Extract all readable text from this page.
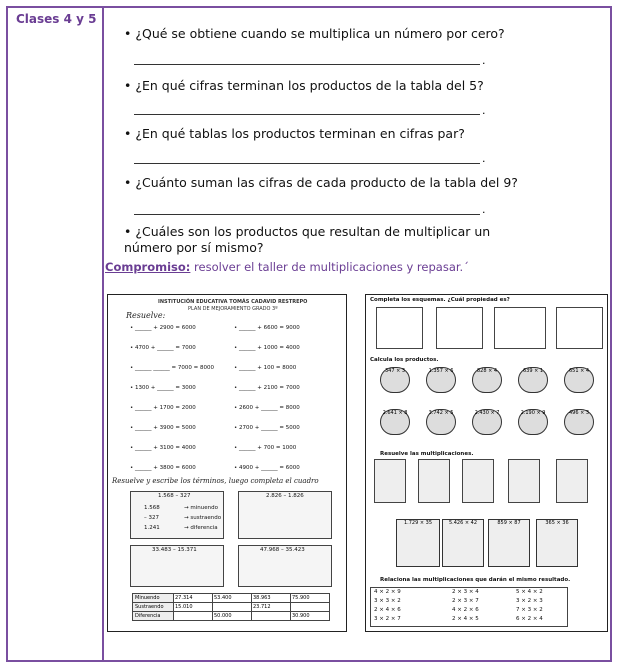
Clases 4 y 5
• ¿Qué se obtiene cuando se multiplica un número por cero?
.
• ¿En qué cifras terminan los productos de la tabla del 5?
.
• ¿En qué tablas los productos terminan en cifras par?
.
• ¿Cuánto suman las cifras de cada producto de la tabla del 9?
.
• ¿Cuáles son los productos que resultan de multiplicar un número por sí mismo?
Compromiso: resolver el taller de multiplicaciones y repasar.´
INSTITUCIÓN EDUCATIVA TOMÁS CADAVID RESTREPO
PLAN DE MEJORAMIENTO GRADO 3º
Resuelve:
• ______ + 2900 = 6000
• 4700 + ______ = 7000
• ______ ______ = 7000 = 8000
• 1300 + ______ = 3000
• ______ + 1700 = 2000
• ______ + 3900 = 5000
• ______ + 3100 = 4000
• ______ + 3800 = 6000
• ______ + 6600 = 9000
• ______ + 1000 = 4000
• ______ + 100 = 8000
• ______ + 2100 = 7000
• 2600 + ______ = 8000
• 2700 + ______ = 5000
• ______ + 700 = 1000
• 4900 + ______ = 6000
Resuelve y escribe los términos, luego completa el cuadro
1.568 – 327
1.568	→ minuendo
– 327	→ sustraendo
1.241	→ diferencia
2.826 – 1.826
33.483 – 15.371	47.968 – 35.423
Minuendo	27.314	53.400	38.963	75.900
Sustraendo	15.010		23.712	
Diferencia		50.000		30.900
Completa los esquemas. ¿Cuál propiedad es?
Calcula los productos.
347 × 3	1.357 × 6	828 × 4	639 × 1	651 × 4
2.641 × 8	3.742 × 5	2.430 × 7	2.190 × 9	496 × 3
Resuelve las multiplicaciones.
1.729 × 35	5.426 × 42	859 × 87	365 × 36
Relaciona las multiplicaciones que darán el mismo resultado.
4 × 2 × 9
3 × 3 × 2
2 × 4 × 6
3 × 2 × 7
2 × 3 × 4
2 × 3 × 7
4 × 2 × 6
2 × 4 × 5
5 × 4 × 2
3 × 2 × 3
7 × 3 × 2
6 × 2 × 4
